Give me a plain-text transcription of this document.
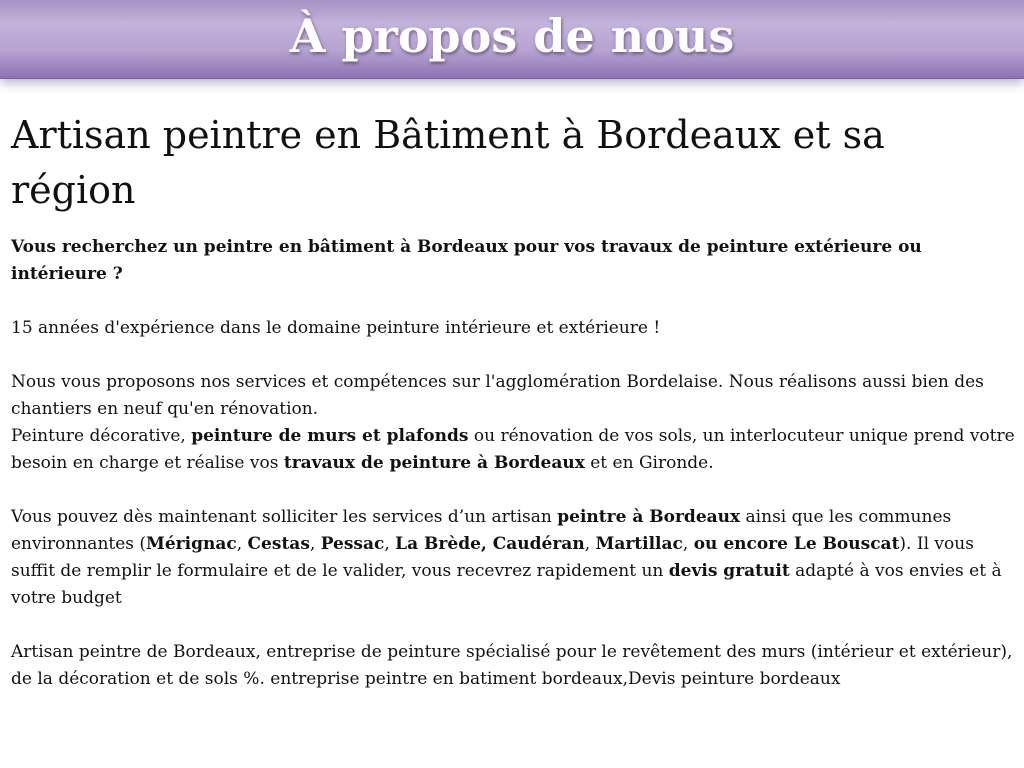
À propos de nous
Artisan peintre en Bâtiment à Bordeaux et sa région

Vous recherchez un peintre en bâtiment à Bordeaux pour vos travaux de peinture extérieure ou intérieure ?

15 années d'expérience dans le domaine peinture intérieure et extérieure !

Nous vous proposons nos services et compétences sur l'agglomération Bordelaise. Nous réalisons aussi bien des chantiers en neuf qu'en rénovation.

Peinture décorative, peinture de murs et plafonds ou rénovation de vos sols, un interlocuteur unique prend votre besoin en charge et réalise vos travaux de peinture à Bordeaux et en Gironde.

Vous pouvez dès maintenant solliciter les services d’un artisan peintre à Bordeaux ainsi que les communes environnantes (Mérignac, Cestas, Pessac, La Brède, Caudéran, Martillac, ou encore Le Bouscat). Il vous suffit de remplir le formulaire et de le valider, vous recevrez rapidement un devis gratuit adapté à vos envies et à votre budget

Artisan peintre de Bordeaux, entreprise de peinture spécialisé pour le revêtement des murs (intérieur et extérieur), de la décoration et de sols %. entreprise peintre en batiment bordeaux,Devis peinture bordeaux
